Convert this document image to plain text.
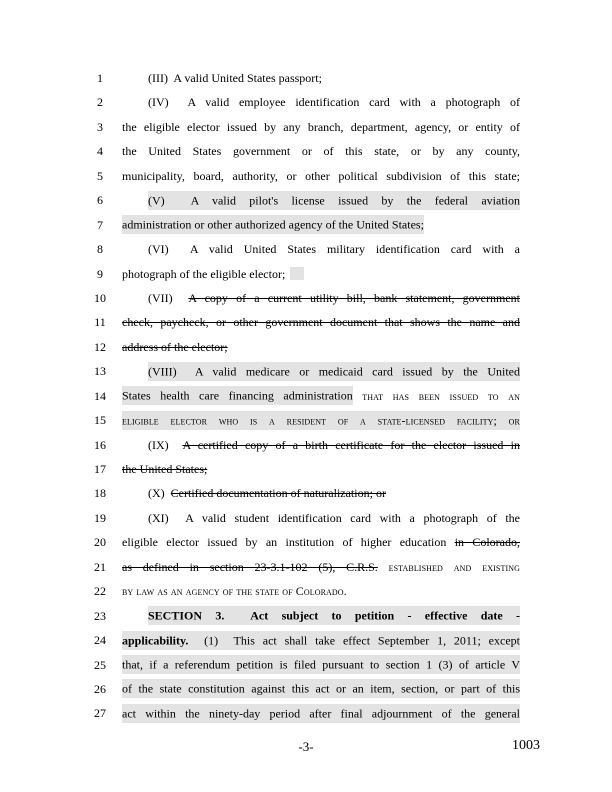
1	(III)  A valid United States passport;
2	(IV)  A valid employee identification card with a photograph of
3	the eligible elector issued by any branch, department, agency, or entity of
4	the United States government or of this state, or by any county,
5	municipality, board, authority, or other political subdivision of this state;
6	(V)  A valid pilot's license issued by the federal aviation
7	administration or other authorized agency of the United States;
8	(VI)  A valid United States military identification card with a
9	photograph of the eligible elector;
10	(VII)  A copy of a current utility bill, bank statement, government
11	check, paycheck, or other government document that shows the name and
12	address of the elector;
13	(VIII)  A valid medicare or medicaid card issued by the United
14	States health care financing administration that has been issued to an
15	eligible elector who is a resident of a state-licensed facility; or
16	(IX)  A certified copy of a birth certificate for the elector issued in
17	the United States;
18	(X)  Certified documentation of naturalization; or
19	(XI)  A valid student identification card with a photograph of the
20	eligible elector issued by an institution of higher education in Colorado,
21	as defined in section 23-3.1-102 (5), C.R.S. established and existing
22	by law as an agency of the state of Colorado.
23	SECTION 3.  Act subject to petition - effective date -
24	applicability.  (1)  This act shall take effect September 1, 2011; except
25	that, if a referendum petition is filed pursuant to section 1 (3) of article V
26	of the state constitution against this act or an item, section, or part of this
27	act within the ninety-day period after final adjournment of the general
-3-	1003
